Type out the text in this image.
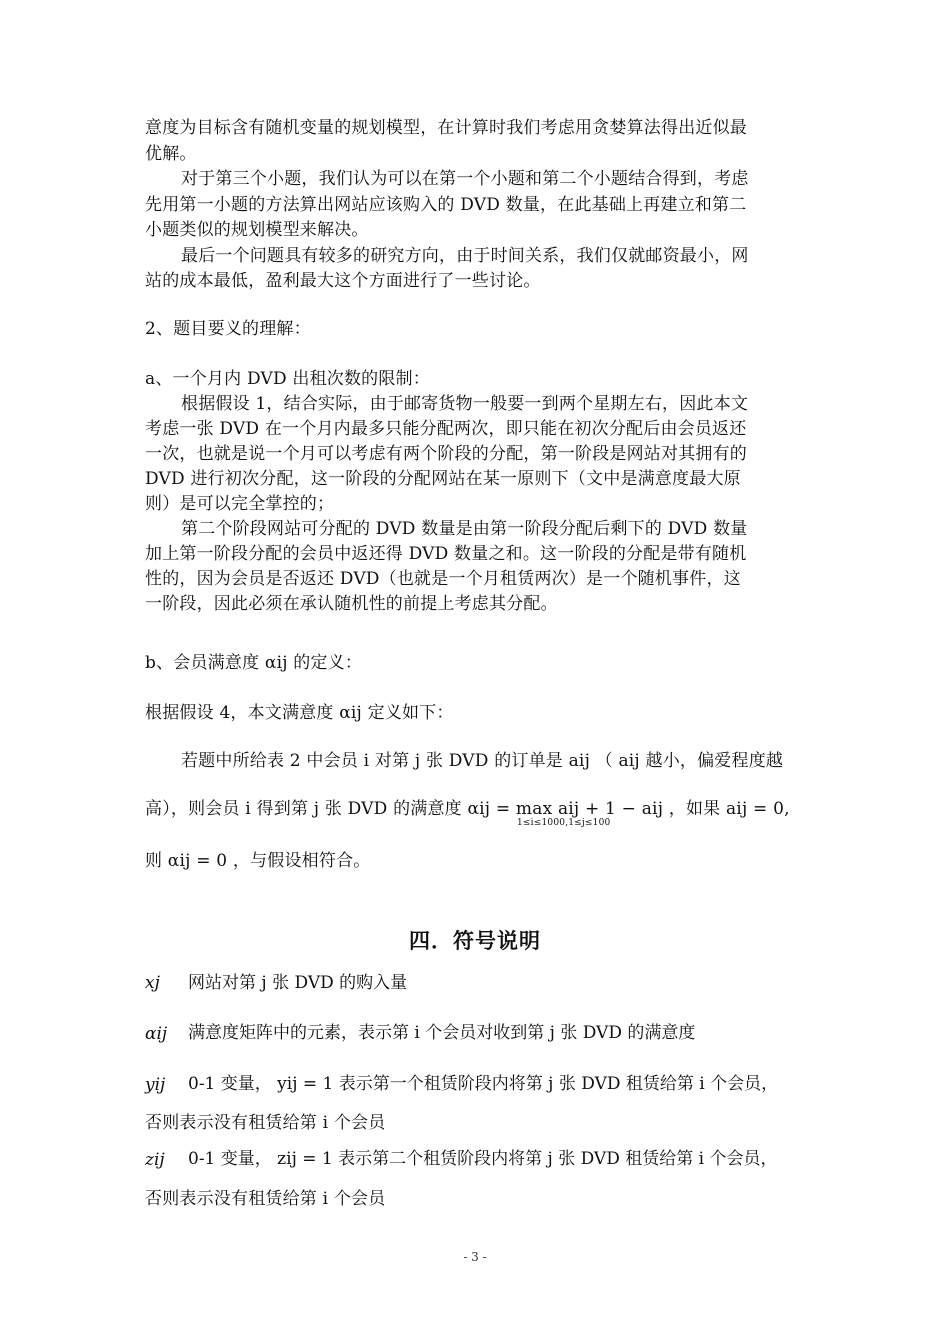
意度为目标含有随机变量的规划模型，在计算时我们考虑用贪婪算法得出近似最
优解。
对于第三个小题，我们认为可以在第一个小题和第二个小题结合得到，考虑
先用第一小题的方法算出网站应该购入的 DVD 数量，在此基础上再建立和第二
小题类似的规划模型来解决。
最后一个问题具有较多的研究方向，由于时间关系，我们仅就邮资最小，网
站的成本最低，盈利最大这个方面进行了一些讨论。
2、题目要义的理解：
a、一个月内 DVD 出租次数的限制：
根据假设 1，结合实际，由于邮寄货物一般要一到两个星期左右，因此本文
考虑一张 DVD 在一个月内最多只能分配两次，即只能在初次分配后由会员返还
一次，也就是说一个月可以考虑有两个阶段的分配，第一阶段是网站对其拥有的
DVD 进行初次分配，这一阶段的分配网站在某一原则下（文中是满意度最大原
则）是可以完全掌控的；
第二个阶段网站可分配的 DVD 数量是由第一阶段分配后剩下的 DVD 数量
加上第一阶段分配的会员中返还得 DVD 数量之和。这一阶段的分配是带有随机
性的，因为会员是否返还 DVD（也就是一个月租赁两次）是一个随机事件，这
一阶段，因此必须在承认随机性的前提上考虑其分配。
b、会员满意度 αij 的定义：
根据假设 4，本文满意度 αij 定义如下：
若题中所给表 2 中会员 i 对第 j 张 DVD 的订单是 aij （ aij 越小，偏爱程度越
高），则会员 i 得到第 j 张 DVD 的满意度 αij = max aij + 1 − aij ，如果 aij = 0,
1≤i≤1000,1≤j≤100
则 αij = 0 ，与假设相符合。
四．符号说明
xj 网站对第 j 张 DVD 的购入量
αij 满意度矩阵中的元素，表示第 i 个会员对收到第 j 张 DVD 的满意度
yij 0-1 变量， yij = 1 表示第一个租赁阶段内将第 j 张 DVD 租赁给第 i 个会员，
否则表示没有租赁给第 i 个会员
zij 0-1 变量， zij = 1 表示第二个租赁阶段内将第 j 张 DVD 租赁给第 i 个会员，
否则表示没有租赁给第 i 个会员
- 3 -
